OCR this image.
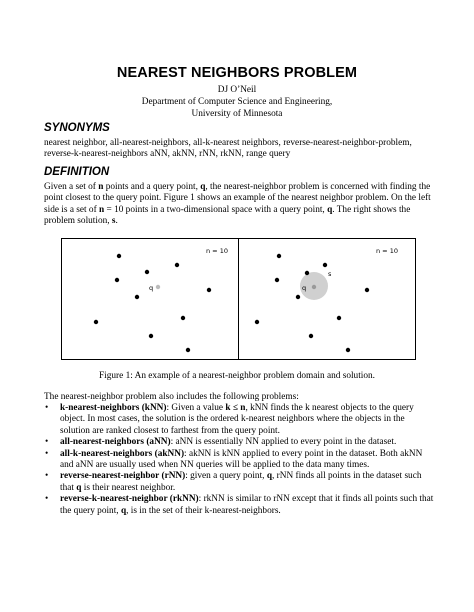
NEAREST NEIGHBORS PROBLEM
DJ O’Neil
Department of Computer Science and Engineering,
University of Minnesota
SYNONYMS
nearest neighbor, all-nearest-neighbors, all-k-nearest neighbors, reverse-nearest-neighbor-problem, reverse-k-nearest-neighbors aNN, akNN, rNN, rkNN, range query
DEFINITION
Given a set of n points and a query point, q, the nearest-neighbor problem is concerned with finding the point closest to the query point. Figure 1 shows an example of the nearest neighbor problem. On the left side is a set of n = 10 points in a two-dimensional space with a query point, q. The right shows the problem solution, s.
n = 10	n = 10
q
s
q
Figure 1: An example of a nearest-neighbor problem domain and solution.
The nearest-neighbor problem also includes the following problems:
• k-nearest-neighbors (kNN): Given a value k ≤ n, kNN finds the k nearest objects to the query object. In most cases, the solution is the ordered k-nearest neighbors where the objects in the solution are ranked closest to farthest from the query point.
• all-nearest-neighbors (aNN): aNN is essentially NN applied to every point in the dataset.
• all-k-nearest-neighbors (akNN): akNN is kNN applied to every point in the dataset. Both akNN and aNN are usually used when NN queries will be applied to the data many times.
• reverse-nearest-neighbor (rNN): given a query point, q, rNN finds all points in the dataset such that q is their nearest neighbor.
• reverse-k-nearest-neighbor (rkNN): rkNN is similar to rNN except that it finds all points such that the query point, q, is in the set of their k-nearest-neighbors.
